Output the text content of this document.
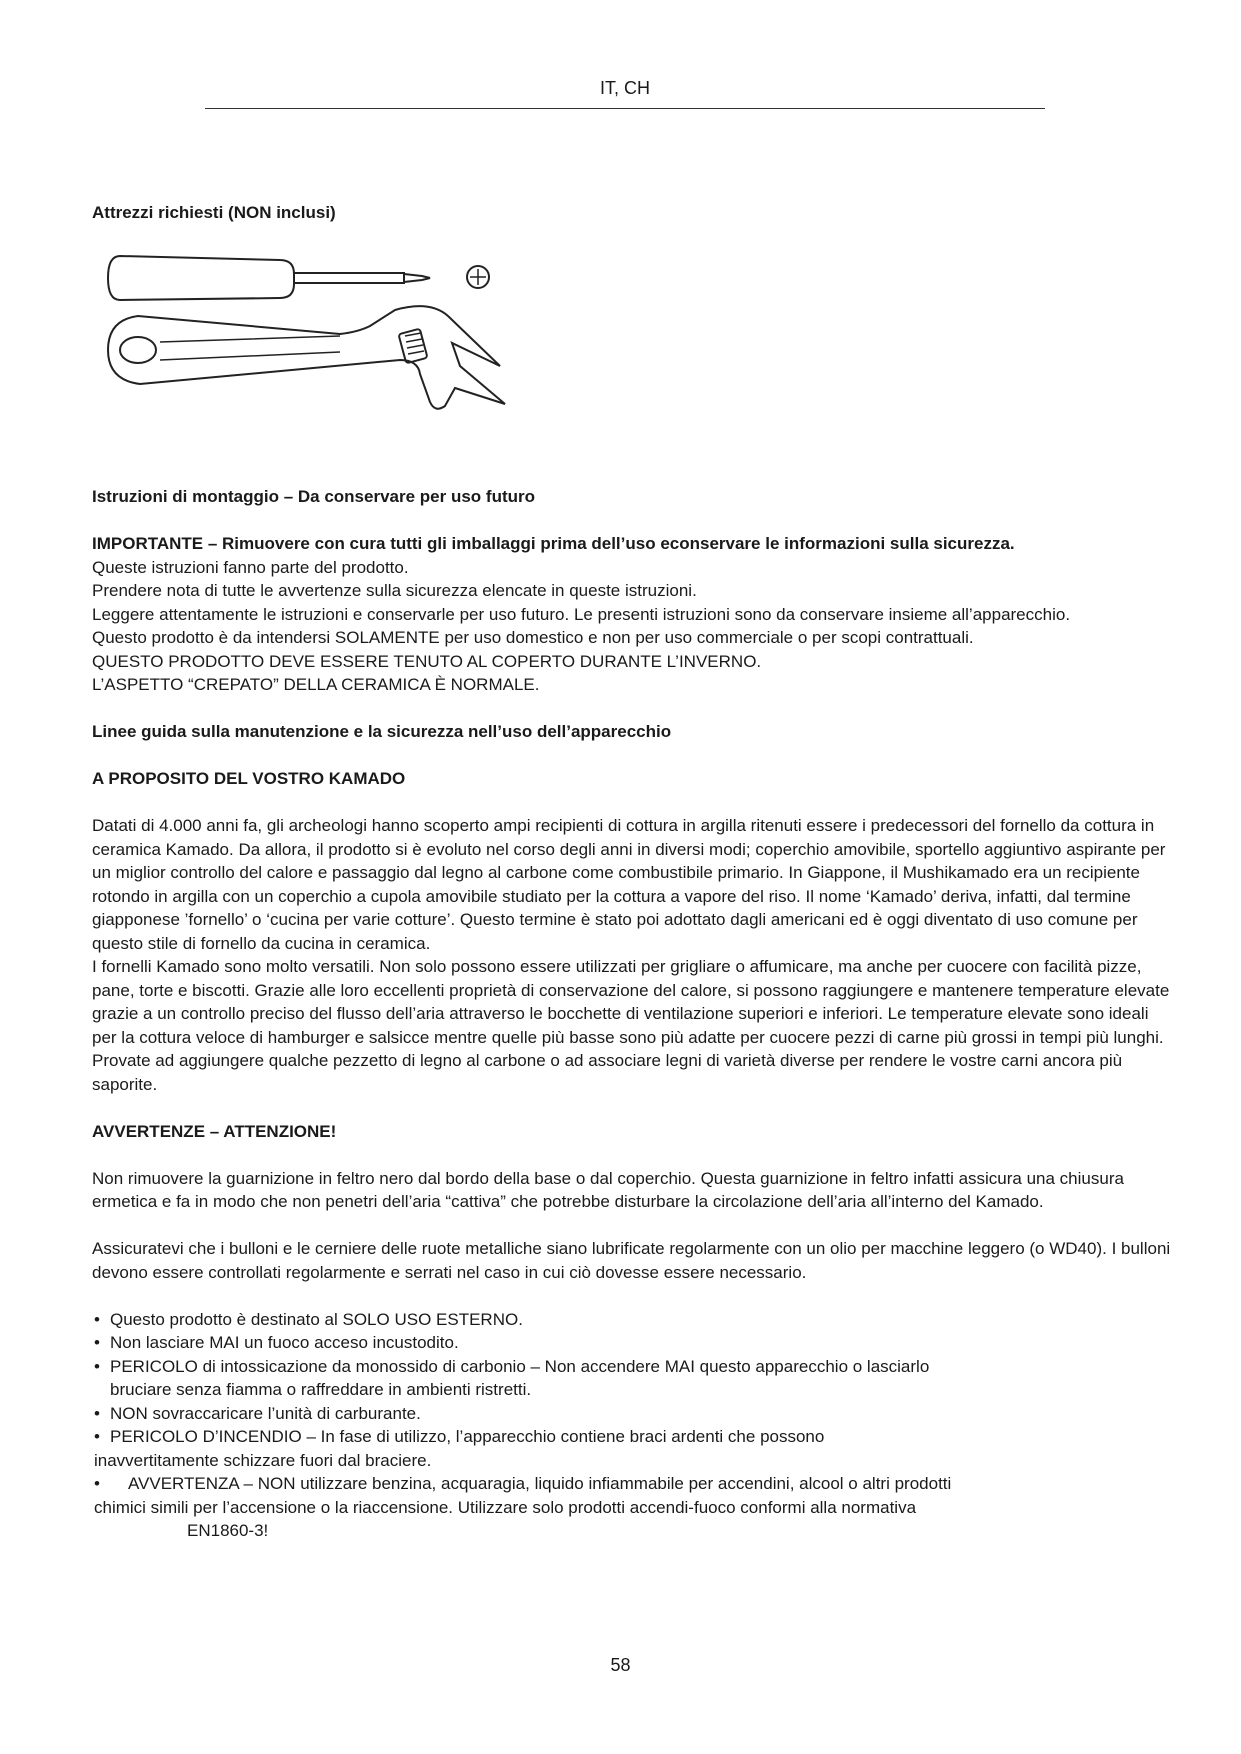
IT, CH
Attrezzi richiesti (NON inclusi)

Istruzioni di montaggio – Da conservare per uso futuro

IMPORTANTE – Rimuovere con cura tutti gli imballaggi prima dell’uso econservare le informazioni sulla sicurezza.

Queste istruzioni fanno parte del prodotto.

Prendere nota di tutte le avvertenze sulla sicurezza elencate in queste istruzioni.

Leggere attentamente le istruzioni e conservarle per uso futuro. Le presenti istruzioni sono da conservare insieme all’apparecchio.

Questo prodotto è da intendersi SOLAMENTE per uso domestico e non per uso commerciale o per scopi contrattuali.

QUESTO PRODOTTO DEVE ESSERE TENUTO AL COPERTO DURANTE L’INVERNO.

L’ASPETTO “CREPATO” DELLA CERAMICA È NORMALE.

Linee guida sulla manutenzione e la sicurezza nell’uso dell’apparecchio

A PROPOSITO DEL VOSTRO KAMADO

Datati di 4.000 anni fa, gli archeologi hanno scoperto ampi recipienti di cottura in argilla ritenuti essere i predecessori del fornello da cottura in ceramica Kamado. Da allora, il prodotto si è evoluto nel corso degli anni in diversi modi; coperchio amovibile, sportello aggiuntivo aspirante per un miglior controllo del calore e passaggio dal legno al carbone come combustibile primario. In Giappone, il Mushikamado era un recipiente rotondo in argilla con un coperchio a cupola amovibile studiato per la cottura a vapore del riso. Il nome ‘Kamado’ deriva, infatti, dal termine giapponese ’fornello’ o ‘cucina per varie cotture’. Questo termine è stato poi adottato dagli americani ed è oggi diventato di uso comune per questo stile di fornello da cucina in ceramica.

I fornelli Kamado sono molto versatili. Non solo possono essere utilizzati per grigliare o affumicare, ma anche per cuocere con facilità pizze, pane, torte e biscotti. Grazie alle loro eccellenti proprietà di conservazione del calore, si possono raggiungere e mantenere temperature elevate grazie a un controllo preciso del flusso dell’aria attraverso le bocchette di ventilazione superiori e inferiori. Le temperature elevate sono ideali per la cottura veloce di hamburger e salsicce mentre quelle più basse sono più adatte per cuocere pezzi di carne più grossi in tempi più lunghi. Provate ad aggiungere qualche pezzetto di legno al carbone o ad associare legni di varietà diverse per rendere le vostre carni ancora più saporite.

AVVERTENZE – ATTENZIONE!

Non rimuovere la guarnizione in feltro nero dal bordo della base o dal coperchio. Questa guarnizione in feltro infatti assicura una chiusura ermetica e fa in modo che non penetri dell’aria “cattiva” che potrebbe disturbare la circolazione dell’aria all’interno del Kamado.

Assicuratevi che i bulloni e le cerniere delle ruote metalliche siano lubrificate regolarmente con un olio per macchine leggero (o WD40). I bulloni devono essere controllati regolarmente e serrati nel caso in cui ciò dovesse essere necessario.

• Questo prodotto è destinato al SOLO USO ESTERNO.
• Non lasciare MAI un fuoco acceso incustodito.
• PERICOLO di intossicazione da monossido di carbonio – Non accendere MAI questo apparecchio o lasciarlo

bruciare senza fiamma o raffreddare in ambienti ristretti.

• NON sovraccaricare l’unità di carburante.
• PERICOLO D’INCENDIO – In fase di utilizzo, l’apparecchio contiene braci ardenti che possono

inavvertitamente schizzare fuori dal braciere.

•     AVVERTENZA – NON utilizzare benzina, acquaragia, liquido infiammabile per accendini, alcool o altri prodotti

chimici simili per l’accensione o la riaccensione. Utilizzare solo prodotti accendi-fuoco conformi alla normativa

EN1860-3!

58
